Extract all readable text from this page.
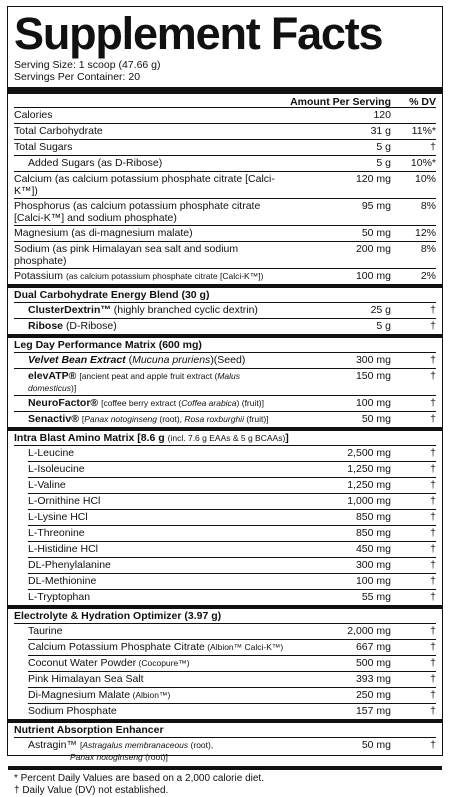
Supplement Facts
Serving Size: 1 scoop (47.66 g)
Servings Per Container: 20
Amount Per Serving	% DV
Calories	120
Total Carbohydrate	31 g	11%*
Total Sugars	5 g	†
Added Sugars (as D-Ribose)	5 g	10%*
Calcium (as calcium potassium phosphate citrate [Calci-K™])
120 mg	10%
Phosphorus (as calcium potassium phosphate citrate
[Calci-K™] and sodium phosphate)
95 mg	8%
Magnesium (as di-magnesium malate)	50 mg	12%
Sodium (as pink Himalayan sea salt and sodium phosphate)
200 mg	8%
Potassium (as calcium potassium phosphate citrate [Calci-K™])	100 mg	2%
Dual Carbohydrate Energy Blend (30 g)
ClusterDextrin™ (highly branched cyclic dextrin)	25 g	†
Ribose (D-Ribose)	5 g	†
Leg Day Performance Matrix (600 mg)
Velvet Bean Extract (Mucuna pruriens)(Seed)	300 mg	†
elevATP® [ancient peat and apple fruit extract (Malus domesticus)]
150 mg	†
NeuroFactor® [coffee berry extract (Coffea arabica) (fruit)]	100 mg	†
Senactiv® [Panax notoginseng (root), Rosa roxburghii (fruit)]	50 mg	†
Intra Blast Amino Matrix [8.6 g (incl. 7.6 g EAAs & 5 g BCAAs)]
L-Leucine	2,500 mg	†
L-Isoleucine	1,250 mg	†
L-Valine	1,250 mg	†
L-Ornithine HCl	1,000 mg	†
L-Lysine HCl	850 mg	†
L-Threonine	850 mg	†
L-Histidine HCl	450 mg	†
DL-Phenylalanine	300 mg	†
DL-Methionine	100 mg	†
L-Tryptophan	55 mg	†
Electrolyte & Hydration Optimizer (3.97 g)
Taurine	2,000 mg	†
Calcium Potassium Phosphate Citrate (Albion™ Calci-K™)	667 mg	†
Coconut Water Powder (Cocopure™)	500 mg	†
Pink Himalayan Sea Salt	393 mg	†
Di-Magnesium Malate (Albion™)	250 mg	†
Sodium Phosphate	157 mg	†
Nutrient Absorption Enhancer
Astragin™ [Astragalus membranaceous (root),
Panax notoginseng (root)]
50 mg	†
* Percent Daily Values are based on a 2,000 calorie diet.
† Daily Value (DV) not established.
